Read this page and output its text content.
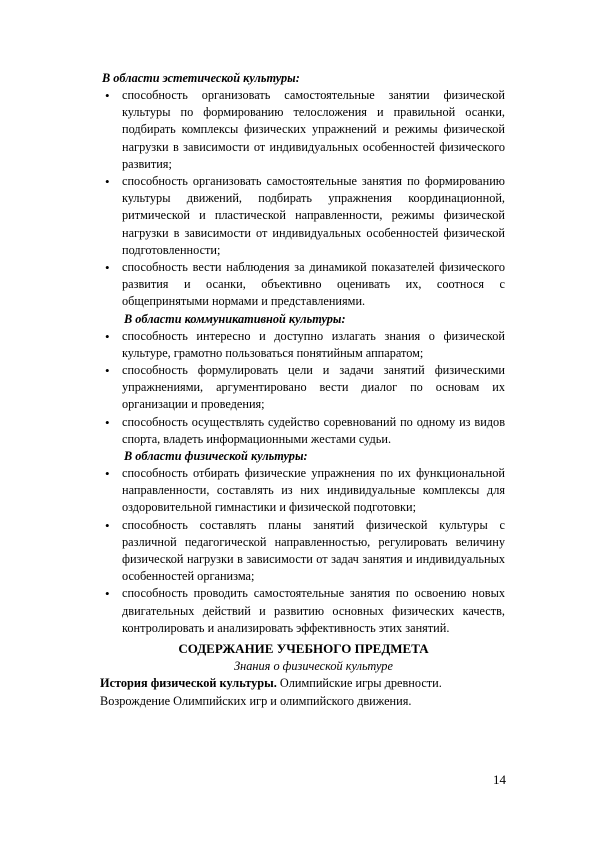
В области эстетической культуры:
• способность организовать самостоятельные занятии физической культуры по формированию телосложения и правильной осанки, подбирать комплексы физических упражнений и режимы физической нагрузки в зависимости от индивидуальных особенностей физического развития;
• способность организовать самостоятельные занятия по формированию культуры движений, подбирать упражнения координационной, ритмической и пластической направленности, режимы физической нагрузки в зависимости от индивидуальных особенностей физической подготовленности;
• способность вести наблюдения за динамикой показателей физического развития и осанки, объективно оценивать их, соотнося с общепринятыми нормами и представлениями.
В области коммуникативной культуры:
• способность интересно и доступно излагать знания о физической культуре, грамотно пользоваться понятийным аппаратом;
• способность формулировать цели и задачи занятий физическими упражнениями, аргументировано вести диалог по основам их организации и проведения;
• способность осуществлять судейство соревнований по одному из видов спорта, владеть информационными жестами судьи.
В области физической культуры:
• способность отбирать физические упражнения по их функциональной направленности, составлять из них индивидуальные комплексы для оздоровительной гимнастики и физической подготовки;
• способность составлять планы занятий физической культуры с различной педагогической направленностью, регулировать величину физической нагрузки в зависимости от задач занятия и индивидуальных особенностей организма;
• способность проводить самостоятельные занятия по освоению новых двигательных действий и развитию основных физических качеств, контролировать и анализировать эффективность этих занятий.
СОДЕРЖАНИЕ УЧЕБНОГО ПРЕДМЕТА
Знания о физической культуре
История физической культуры. Олимпийские игры древности. Возрождение Олимпийских игр и олимпийского движения.
14
